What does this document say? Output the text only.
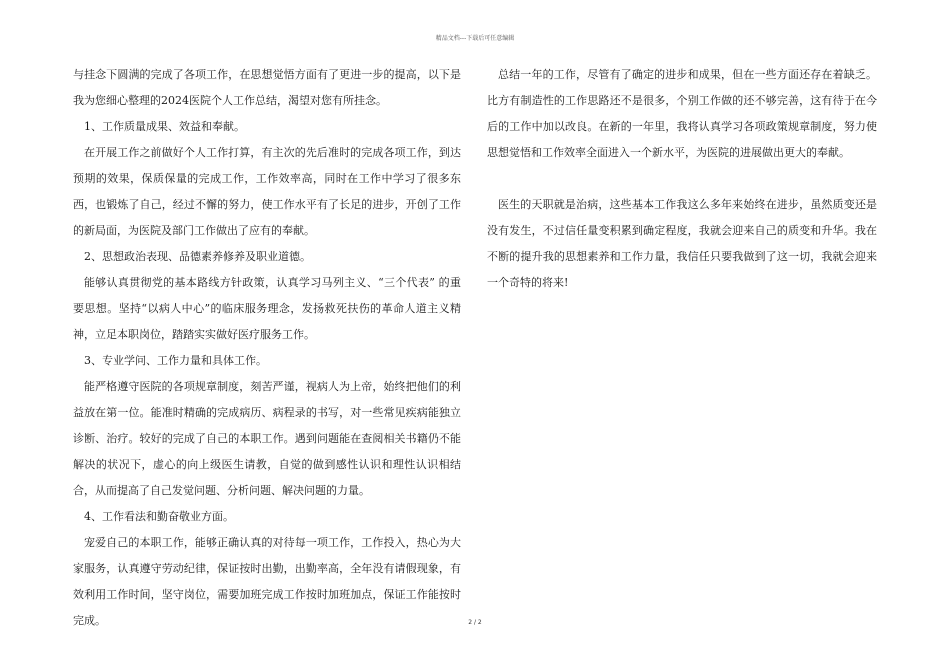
精品文档---下载后可任意编辑

与挂念下圆满的完成了各项工作，在思想觉悟方面有了更进一步的提高，以下是我为您细心整理的2024医院个人工作总结，渴望对您有所挂念。

1、工作质量成果、效益和奉献。

在开展工作之前做好个人工作打算，有主次的先后准时的完成各项工作，到达预期的效果，保质保量的完成工作，工作效率高，同时在工作中学习了很多东西，也锻炼了自己，经过不懈的努力，使工作水平有了长足的进步，开创了工作的新局面，为医院及部门工作做出了应有的奉献。

2、思想政治表现、品德素养修养及职业道德。

能够认真贯彻党的基本路线方针政策，认真学习马列主义、“三个代表” 的重要思想。坚持“以病人中心”的临床服务理念，发扬救死扶伤的革命人道主义精神，立足本职岗位，踏踏实实做好医疗服务工作。

3、专业学问、工作力量和具体工作。

能严格遵守医院的各项规章制度，刻苦严谨，视病人为上帝，始终把他们的利益放在第一位。能准时精确的完成病历、病程录的书写，对一些常见疾病能独立诊断、治疗。较好的完成了自己的本职工作。遇到问题能在查阅相关书籍仍不能解决的状况下，虚心的向上级医生请教，自觉的做到感性认识和理性认识相结合，从而提高了自己发觉问题、分析问题、解决问题的力量。

4、工作看法和勤奋敬业方面。

宠爱自己的本职工作，能够正确认真的对待每一项工作，工作投入，热心为大家服务，认真遵守劳动纪律，保证按时出勤，出勤率高，全年没有请假现象，有效利用工作时间，坚守岗位，需要加班完成工作按时加班加点，保证工作能按时完成。

总结一年的工作，尽管有了确定的进步和成果，但在一些方面还存在着缺乏。比方有制造性的工作思路还不是很多，个别工作做的还不够完善，这有待于在今后的工作中加以改良。在新的一年里，我将认真学习各项政策规章制度，努力使思想觉悟和工作效率全面进入一个新水平，为医院的进展做出更大的奉献。

医生的天职就是治病，这些基本工作我这么多年来始终在进步，虽然质变还是没有发生，不过信任量变积累到确定程度，我就会迎来自己的质变和升华。我在不断的提升我的思想素养和工作力量，我信任只要我做到了这一切，我就会迎来一个奇特的将来!

2 / 2
